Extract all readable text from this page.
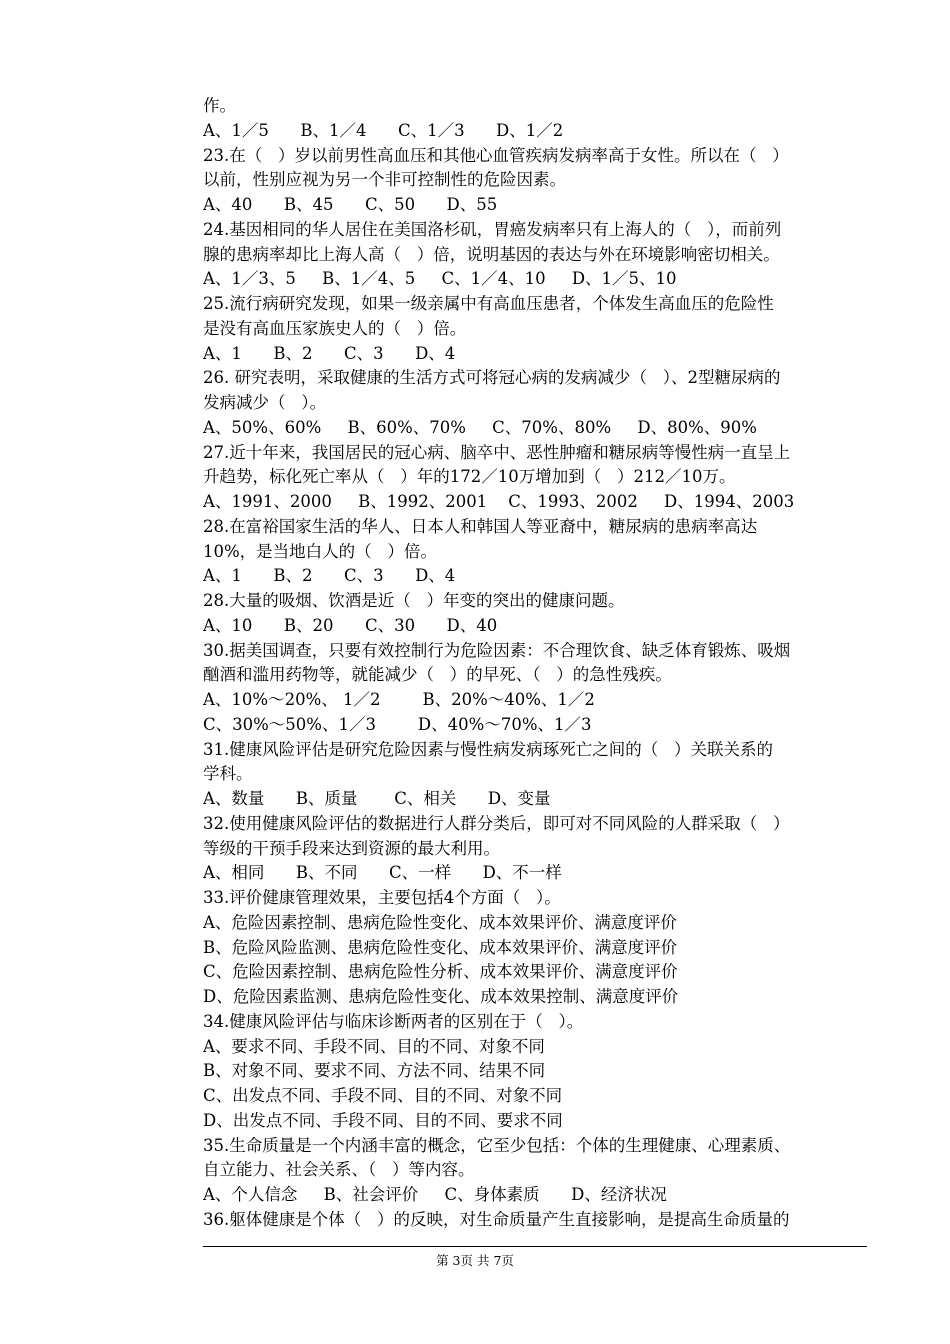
作。
A、1／5      B、1／4      C、1／3      D、1／2
23.在（   ）岁以前男性高血压和其他心血管疾病发病率高于女性。所以在（   ）
以前，性别应视为另一个非可控制性的危险因素。
A、40      B、45      C、50      D、55
24.基因相同的华人居住在美国洛杉矶，胃癌发病率只有上海人的（   ），而前列
腺的患病率却比上海人高（   ）倍，说明基因的表达与外在环境影响密切相关。
A、1／3、5     B、1／4、5     C、1／4、10     D、1／5、10
25.流行病研究发现，如果一级亲属中有高血压患者，个体发生高血压的危险性
是没有高血压家族史人的（   ）倍。
A、1      B、2      C、3      D、4
26. 研究表明，采取健康的生活方式可将冠心病的发病减少（   ）、2型糖尿病的
发病减少（   ）。
A、50%、60%     B、60%、70%     C、70%、80%     D、80%、90%
27.近十年来，我国居民的冠心病、脑卒中、恶性肿瘤和糖尿病等慢性病一直呈上
升趋势，标化死亡率从（   ）年的172／10万增加到（   ）212／10万。
A、1991、2000     B、1992、2001    C、1993、2002     D、1994、2003
28.在富裕国家生活的华人、日本人和韩国人等亚裔中，糖尿病的患病率高达
10%，是当地白人的（   ）倍。
A、1      B、2      C、3      D、4
28.大量的吸烟、饮酒是近（   ）年变的突出的健康问题。
A、10      B、20      C、30      D、40
30.据美国调查，只要有效控制行为危险因素：不合理饮食、缺乏体育锻炼、吸烟
酗酒和滥用药物等，就能减少（   ）的早死、（   ）的急性残疾。
A、10%～20%、 1／2        B、20%～40%、1／2
C、30%～50%、1／3        D、40%～70%、1／3
31.健康风险评估是研究危险因素与慢性病发病琢死亡之间的（   ）关联关系的
学科。
A、数量      B、质量       C、相关      D、变量
32.使用健康风险评估的数据进行人群分类后，即可对不同风险的人群采取（   ）
等级的干预手段来达到资源的最大利用。
A、相同      B、不同      C、一样      D、不一样
33.评价健康管理效果，主要包括4个方面（   ）。
A、危险因素控制、患病危险性变化、成本效果评价、满意度评价
B、危险风险监测、患病危险性变化、成本效果评价、满意度评价
C、危险因素控制、患病危险性分析、成本效果评价、满意度评价
D、危险因素监测、患病危险性变化、成本效果控制、满意度评价
34.健康风险评估与临床诊断两者的区别在于（   ）。
A、要求不同、手段不同、目的不同、对象不同
B、对象不同、要求不同、方法不同、结果不同
C、出发点不同、手段不同、目的不同、对象不同
D、出发点不同、手段不同、目的不同、要求不同
35.生命质量是一个内涵丰富的概念，它至少包括：个体的生理健康、心理素质、
自立能力、社会关系、（   ）等内容。
A、个人信念     B、社会评价     C、身体素质      D、经济状况
36.躯体健康是个体（   ）的反映，对生命质量产生直接影响，是提高生命质量的
第 3页 共 7页
